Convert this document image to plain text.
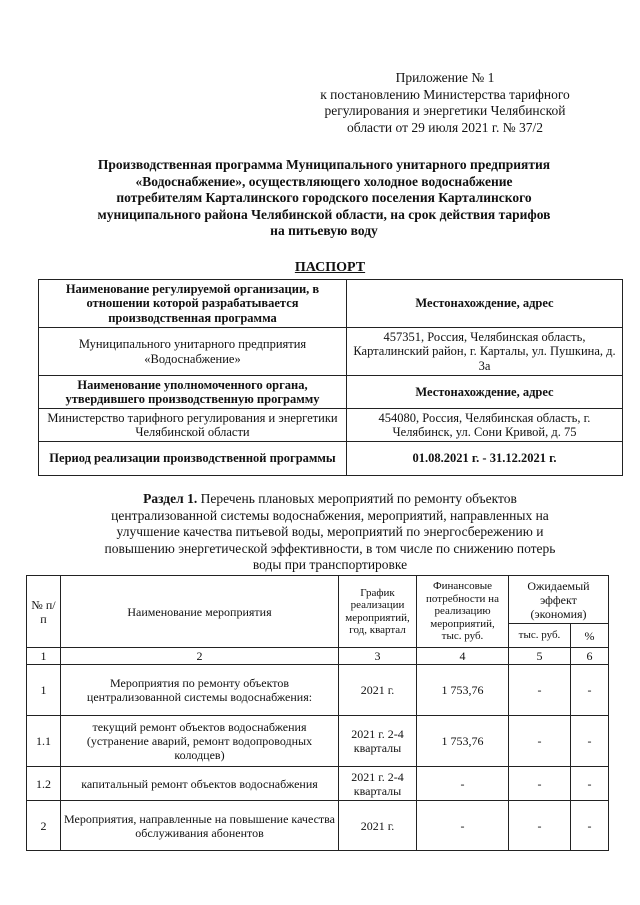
Приложение № 1
к постановлению Министерства тарифного
регулирования и энергетики Челябинской
области от 29 июля 2021 г. № 37/2
Производственная программа Муниципального унитарного предприятия
«Водоснабжение», осуществляющего холодное водоснабжение
потребителям Карталинского городского поселения Карталинского
муниципального района Челябинской области, на срок действия тарифов
на питьевую воду
ПАСПОРТ
Наименование регулируемой организации, в отношении которой разрабатывается производственная программа	Местонахождение, адрес
Муниципального унитарного предприятия «Водоснабжение»	457351, Россия, Челябинская область, Карталинский район, г. Карталы, ул. Пушкина, д. 3а
Наименование уполномоченного органа, утвердившего производственную программу	Местонахождение, адрес
Министерство тарифного регулирования и энергетики Челябинской области	454080, Россия, Челябинская область, г. Челябинск, ул. Сони Кривой, д. 75
Период реализации производственной программы	01.08.2021 г. - 31.12.2021 г.
Раздел 1. Перечень плановых мероприятий по ремонту объектов
централизованной системы водоснабжения, мероприятий, направленных на
улучшение качества питьевой воды, мероприятий по энергосбережению и
повышению энергетической эффективности, в том числе по снижению потерь
воды при транспортировке
№ п/п	Наименование мероприятия	График реализации мероприятий, год, квартал	Финансовые потребности на реализацию мероприятий, тыс. руб.	Ожидаемый эффект (экономия)	
				тыс. руб.	%
1	2	3	4	5	6
1	Мероприятия по ремонту объектов централизованной системы водоснабжения:	2021 г.	1 753,76	-	-
1.1	текущий ремонт объектов водоснабжения (устранение аварий, ремонт водопроводных колодцев)	2021 г. 2-4 кварталы	1 753,76	-	-
1.2	капитальный ремонт объектов водоснабжения	2021 г. 2-4 кварталы	-	-	-
2	Мероприятия, направленные на повышение качества обслуживания абонентов	2021 г.	-	-	-
